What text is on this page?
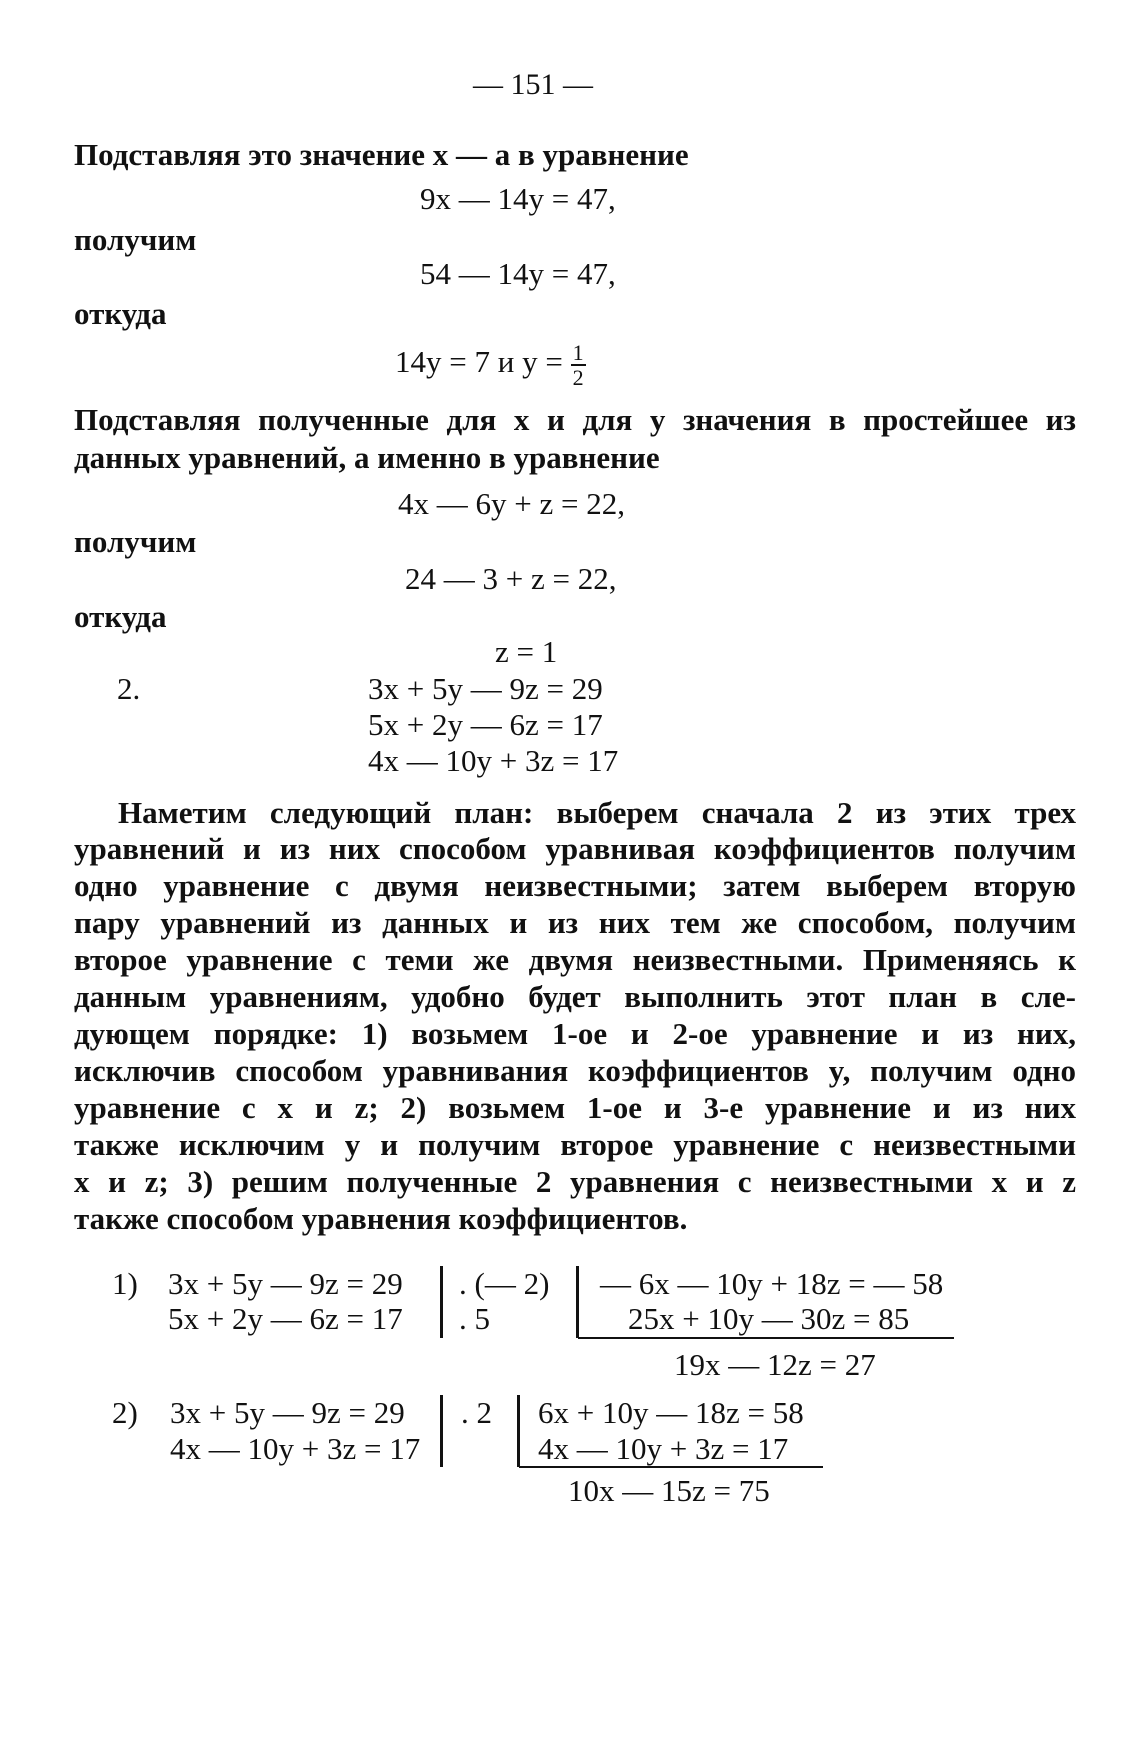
— 151 —
Подставляя это значение x — a в уравнение
9x — 14y = 47,
получим
54 — 14y = 47,
откуда
14y = 7 и $y = \frac{1}{2}$
Подставляя полученные для x и для y значения в простейшее из
данных уравнений, а именно в уравнение
4x — 6y + z = 22,
получим
24 — 3 + z = 22,
откуда
z = 1
2.	3x + 5y — 9z = 29
5x + 2y — 6z = 17
4x — 10y + 3z = 17
Наметим следующий план: выберем сначала 2 из этих трех
уравнений и из них способом уравнивая коэффициентов получим
одно уравнение с двумя неизвестными; затем выберем вторую
пару уравнений из данных и из них тем же способом, получим
второе уравнение с теми же двумя неизвестными. Применяясь к
данным уравнениям, удобно будет выполнить этот план в сле-
дующем порядке: 1) возьмем 1-ое и 2-ое уравнение и из них,
исключив способом уравнивания коэффициентов y, получим одно
уравнение с x и z; 2) возьмем 1-ое и 3-е уравнение и из них
также исключим y и получим второе уравнение с неизвестными
x и z; 3) решим полученные 2 уравнения с неизвестными x и z
также способом уравнения коэффициентов.
1) 3x + 5y — 9z = 29
5x + 2y — 6z = 17
. (— 2)
. 5
— 6x — 10y + 18z = — 58
25x + 10y — 30z = 85
19x — 12z = 27
2) 3x + 5y — 9z = 29
4x — 10y + 3z = 17
. 2 6x + 10y — 18z = 58
4x — 10y + 3z = 17
10x — 15z = 75
